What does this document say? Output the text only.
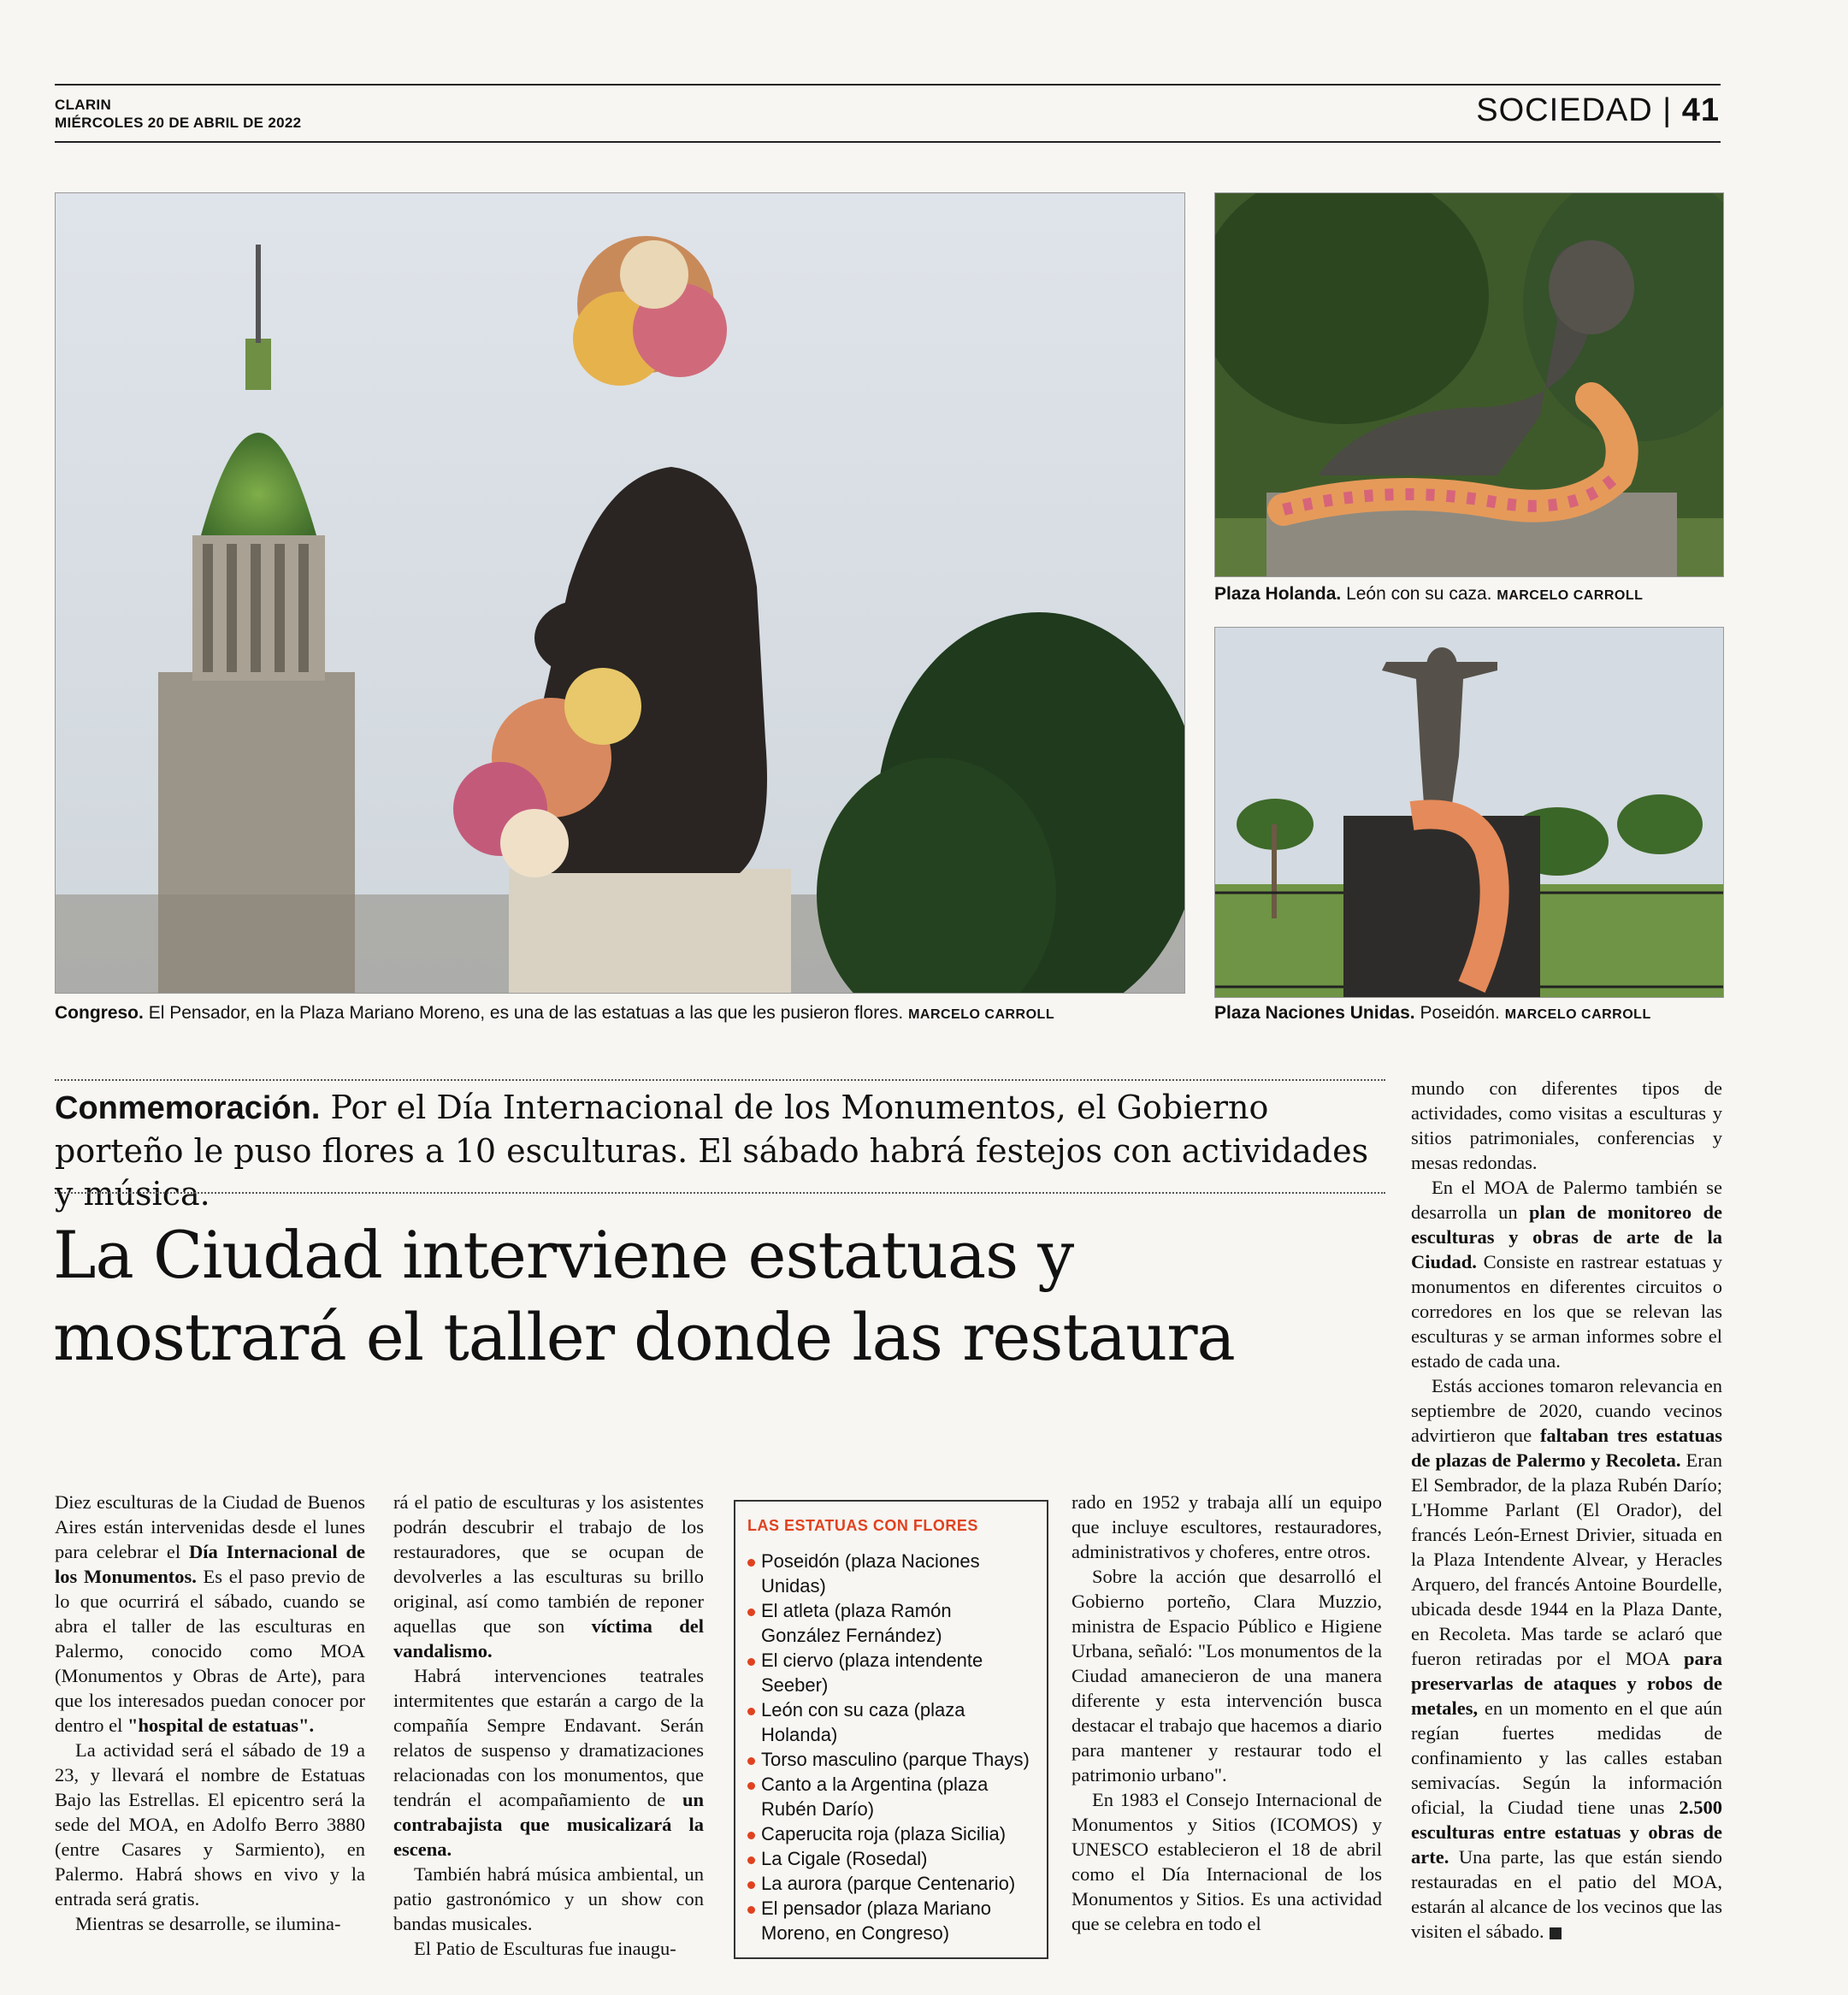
CLARIN
MIÉRCOLES 20 DE ABRIL DE 2022	SOCIEDAD | 41
Congreso. El Pensador, en la Plaza Mariano Moreno, es una de las estatuas a las que les pusieron flores. MARCELO CARROLL
Plaza Holanda. León con su caza. MARCELO CARROLL
Plaza Naciones Unidas. Poseidón. MARCELO CARROLL
Conmemoración. Por el Día Internacional de los Monumentos, el Gobierno porteño le puso flores a 10 esculturas. El sábado habrá festejos con actividades y música.
La Ciudad interviene estatuas y
mostrará el taller donde las restaura

Diez esculturas de la Ciudad de Buenos Aires están intervenidas desde el lunes para celebrar el Día Internacional de los Monumentos. Es el paso previo de lo que ocurrirá el sábado, cuando se abra el taller de las esculturas en Palermo, conocido como MOA (Monumentos y Obras de Arte), para que los interesados puedan conocer por dentro el "hospital de estatuas".

La actividad será el sábado de 19 a 23, y llevará el nombre de Estatuas Bajo las Estrellas. El epicentro será la sede del MOA, en Adolfo Berro 3880 (entre Casares y Sarmiento), en Palermo. Habrá shows en vivo y la entrada será gratis.

Mientras se desarrolle, se ilumina-

rá el patio de esculturas y los asistentes podrán descubrir el trabajo de los restauradores, que se ocupan de devolverles a las esculturas su brillo original, así como también de reponer aquellas que son víctima del vandalismo.

Habrá intervenciones teatrales intermitentes que estarán a cargo de la compañía Sempre Endavant. Serán relatos de suspenso y dramatizaciones relacionadas con los monumentos, que tendrán el acompañamiento de un contrabajista que musicalizará la escena.

También habrá música ambiental, un patio gastronómico y un show con bandas musicales.

El Patio de Esculturas fue inaugu-

LAS ESTATUAS CON FLORES
Poseidón (plaza Naciones Unidas)
El atleta (plaza Ramón González Fernández)
El ciervo (plaza intendente Seeber)
León con su caza (plaza Holanda)
Torso masculino (parque Thays)
Canto a la Argentina (plaza Rubén Darío)
Caperucita roja (plaza Sicilia)
La Cigale (Rosedal)
La aurora (parque Centenario)
El pensador (plaza Mariano Moreno, en Congreso)

rado en 1952 y trabaja allí un equipo que incluye escultores, restauradores, administrativos y choferes, entre otros.

Sobre la acción que desarrolló el Gobierno porteño, Clara Muzzio, ministra de Espacio Público e Higiene Urbana, señaló: "Los monumentos de la Ciudad amanecieron de una manera diferente y esta intervención busca destacar el trabajo que hacemos a diario para mantener y restaurar todo el patrimonio urbano".

En 1983 el Consejo Internacional de Monumentos y Sitios (ICOMOS) y UNESCO establecieron el 18 de abril como el Día Internacional de los Monumentos y Sitios. Es una actividad que se celebra en todo el

mundo con diferentes tipos de actividades, como visitas a esculturas y sitios patrimoniales, conferencias y mesas redondas.

En el MOA de Palermo también se desarrolla un plan de monitoreo de esculturas y obras de arte de la Ciudad. Consiste en rastrear estatuas y monumentos en diferentes circuitos o corredores en los que se relevan las esculturas y se arman informes sobre el estado de cada una.

Estás acciones tomaron relevancia en septiembre de 2020, cuando vecinos advirtieron que faltaban tres estatuas de plazas de Palermo y Recoleta. Eran El Sembrador, de la plaza Rubén Darío; L'Homme Parlant (El Orador), del francés León-Ernest Drivier, situada en la Plaza Intendente Alvear, y Heracles Arquero, del francés Antoine Bourdelle, ubicada desde 1944 en la Plaza Dante, en Recoleta. Mas tarde se aclaró que fueron retiradas por el MOA para preservarlas de ataques y robos de metales, en un momento en el que aún regían fuertes medidas de confinamiento y las calles estaban semivacías. Según la información oficial, la Ciudad tiene unas 2.500 esculturas entre estatuas y obras de arte. Una parte, las que están siendo restauradas en el patio del MOA, estarán al alcance de los vecinos que las visiten el sábado.
